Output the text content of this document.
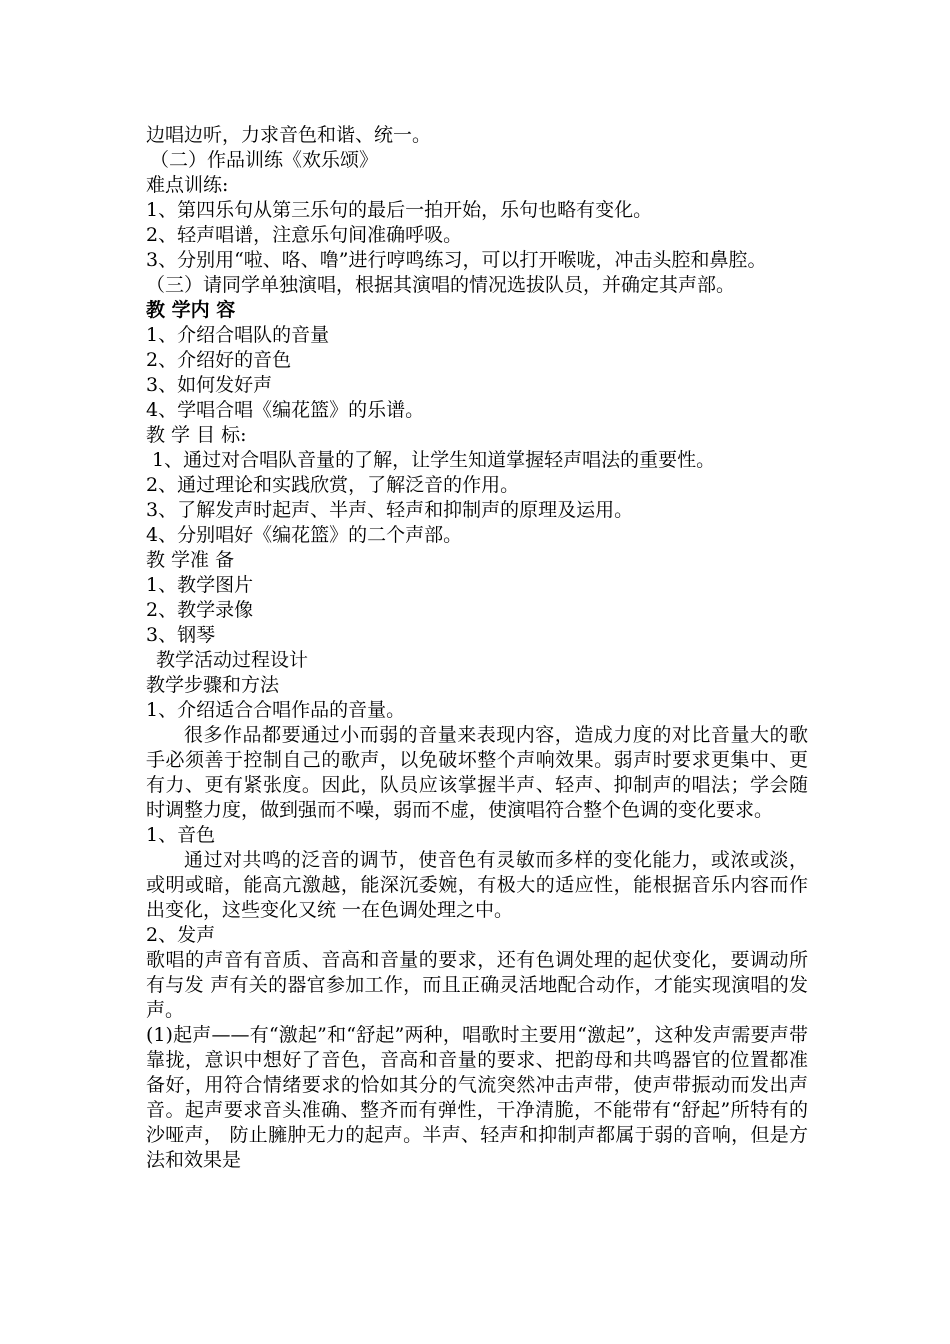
边唱边听，力求音色和谐、统一。
（二）作品训练《欢乐颂》
难点训练:
1、第四乐句从第三乐句的最后一拍开始，乐句也略有变化。
2、轻声唱谱，注意乐句间准确呼吸。
3、分别用“啦、咯、噜”进行哼鸣练习，可以打开喉咙，冲击头腔和鼻腔。
（三）请同学单独演唱，根据其演唱的情况选拔队员，并确定其声部。
教 学内 容
1、介绍合唱队的音量
2、介绍好的音色
3、如何发好声
4、学唱合唱《编花篮》的乐谱。
教 学 目 标:
1、通过对合唱队音量的了解，让学生知道掌握轻声唱法的重要性。
2、通过理论和实践欣赏，了解泛音的作用。
3、了解发声时起声、半声、轻声和抑制声的原理及运用。
4、分别唱好《编花篮》的二个声部。
教 学准 备
1、教学图片
2、教学录像
3、钢琴
教学活动过程设计
教学步骤和方法
1、介绍适合合唱作品的音量。
很多作品都要通过小而弱的音量来表现内容，造成力度的对比音量大的歌手必须善于控制自己的歌声，以免破坏整个声响效果。弱声时要求更集中、更有力、更有紧张度。因此，队员应该掌握半声、轻声、抑制声的唱法；学会随时调整力度，做到强而不噪，弱而不虚，使演唱符合整个色调的变化要求。
1、音色
通过对共鸣的泛音的调节，使音色有灵敏而多样的变化能力，或浓或淡，或明或暗，能高亢激越，能深沉委婉，有极大的适应性，能根据音乐内容而作出变化，这些变化又统 一在色调处理之中。
2、发声
歌唱的声音有音质、音高和音量的要求，还有色调处理的起伏变化，要调动所有与发 声有关的器官参加工作，而且正确灵活地配合动作，才能实现演唱的发声。
(1)起声——有“激起”和“舒起”两种，唱歌时主要用“激起”，这种发声需要声带靠拢，意识中想好了音色，音高和音量的要求、把韵母和共鸣器官的位置都准备好，用符合情绪要求的恰如其分的气流突然冲击声带，使声带振动而发出声音。起声要求音头准确、整齐而有弹性，干净清脆，不能带有“舒起”所特有的沙哑声， 防止臃肿无力的起声。半声、轻声和抑制声都属于弱的音响，但是方法和效果是
